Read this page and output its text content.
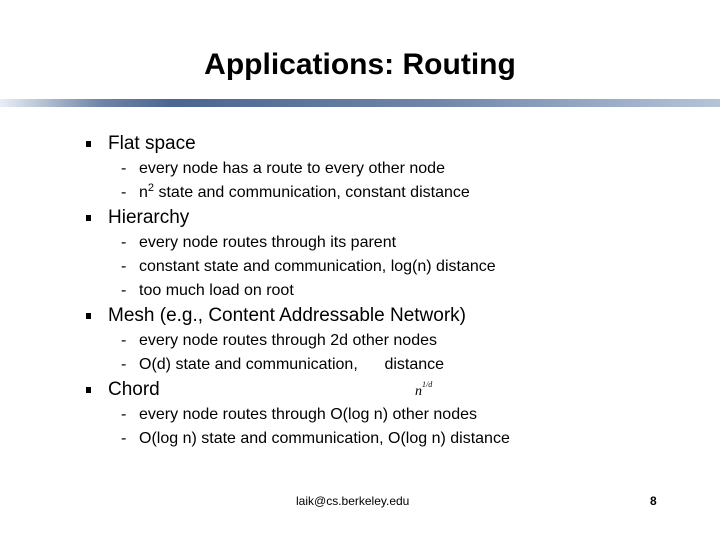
Applications: Routing
Flat space
- every node has a route to every other node
- $n^2$ state and communication, constant distance
Hierarchy
- every node routes through its parent
- constant state and communication, log(n) distance
- too much load on root
Mesh (e.g., Content Addressable Network)
- every node routes through 2d other nodes
- O(d) state and communication,      distance
Chord
- every node routes through O(log n) other nodes
- O(log n) state and communication, O(log n) distance
$n^{1/d}$
laik@cs.berkeley.edu	8
